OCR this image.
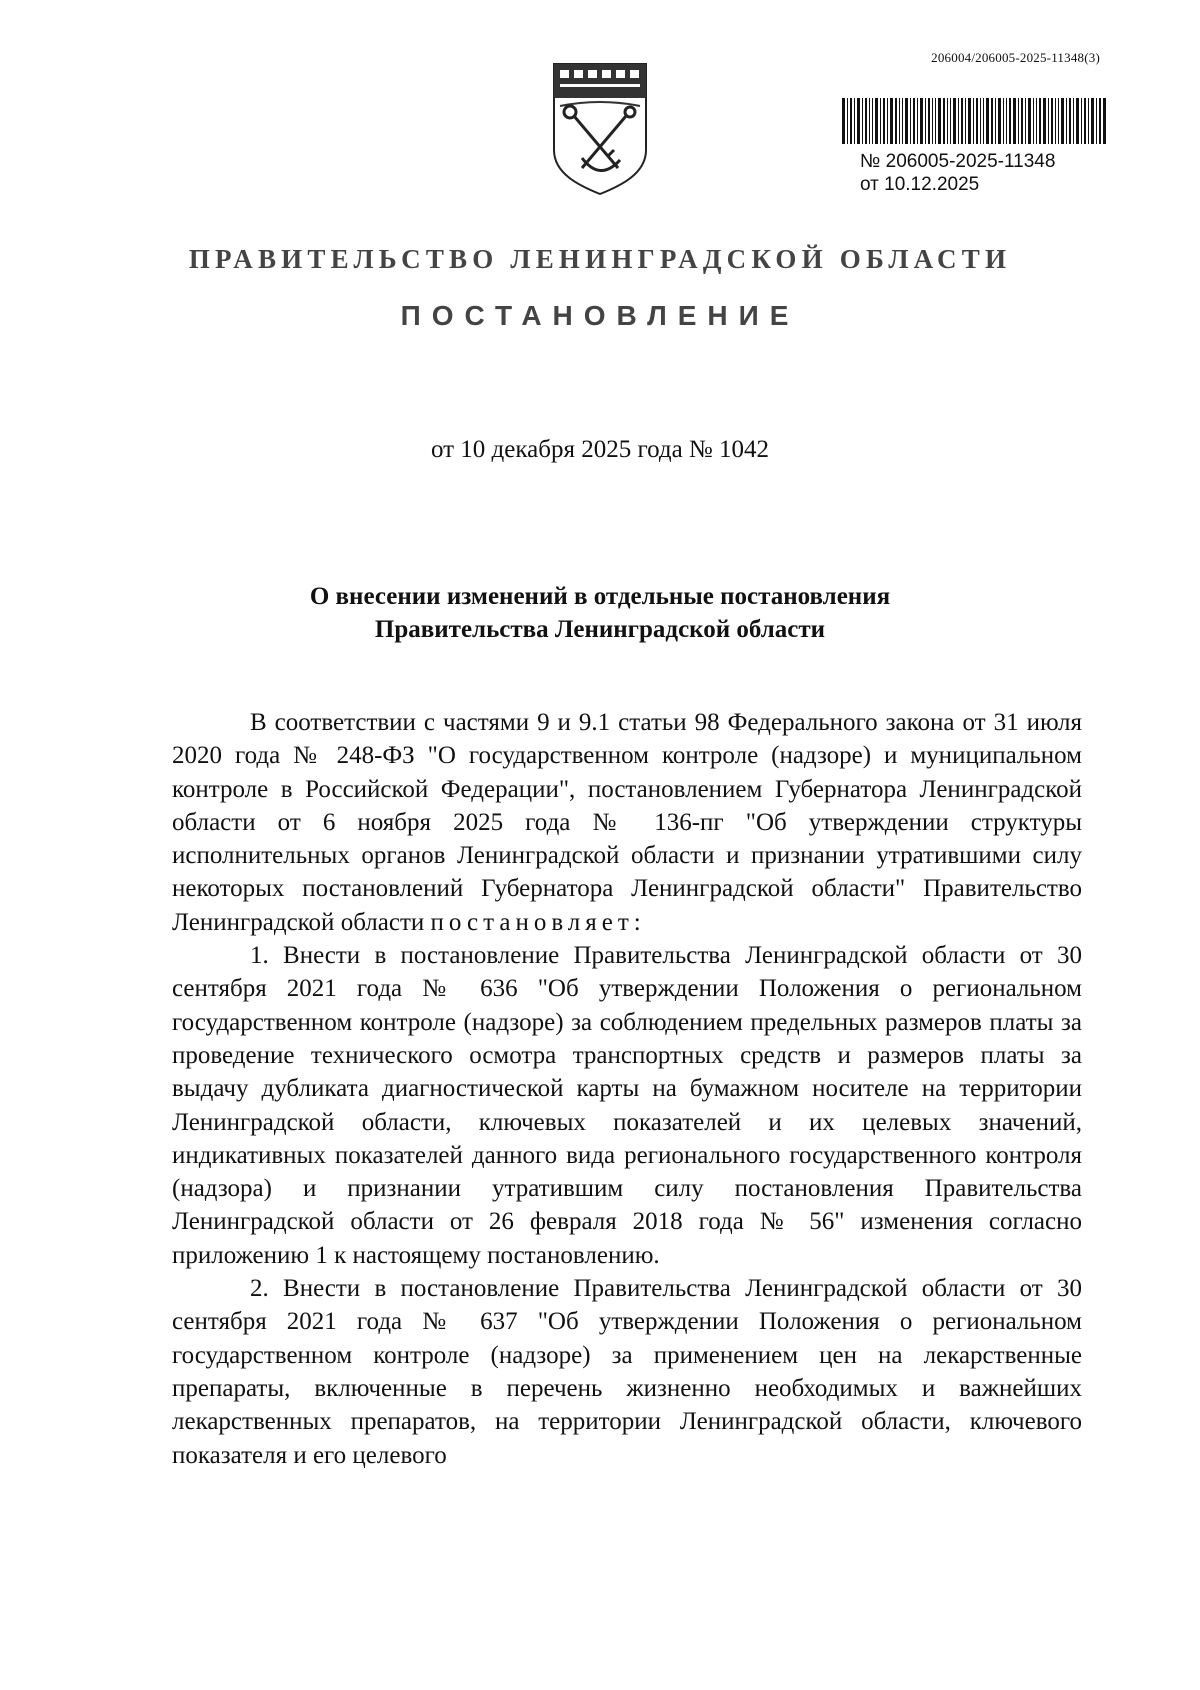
206004/206005-2025-11348(3)
№ 206005-2025-11348
от 10.12.2025
ПРАВИТЕЛЬСТВО ЛЕНИНГРАДСКОЙ ОБЛАСТИ
ПОСТАНОВЛЕНИЕ
от 10 декабря 2025 года № 1042
О внесении изменений в отдельные постановления
Правительства Ленинградской области

В соответствии с частями 9 и 9.1 статьи 98 Федерального закона от 31 июля 2020 года № 248-ФЗ "О государственном контроле (надзоре) и муниципальном контроле в Российской Федерации", постановлением Губернатора Ленинградской области от 6 ноября 2025 года № 136-пг "Об утверждении структуры исполнительных органов Ленинградской области и признании утратившими силу некоторых постановлений Губернатора Ленинградской области" Правительство Ленинградской области постановляет:

1. Внести в постановление Правительства Ленинградской области от 30 сентября 2021 года № 636 "Об утверждении Положения о региональном государственном контроле (надзоре) за соблюдением предельных размеров платы за проведение технического осмотра транспортных средств и размеров платы за выдачу дубликата диагностической карты на бумажном носителе на территории Ленинградской области, ключевых показателей и их целевых значений, индикативных показателей данного вида регионального государственного контроля (надзора) и признании утратившим силу постановления Правительства Ленинградской области от 26 февраля 2018 года № 56" изменения согласно приложению 1 к настоящему постановлению.

2. Внести в постановление Правительства Ленинградской области от 30 сентября 2021 года № 637 "Об утверждении Положения о региональном государственном контроле (надзоре) за применением цен на лекарственные препараты, включенные в перечень жизненно необходимых и важнейших лекарственных препаратов, на территории Ленинградской области, ключевого показателя и его целевого
